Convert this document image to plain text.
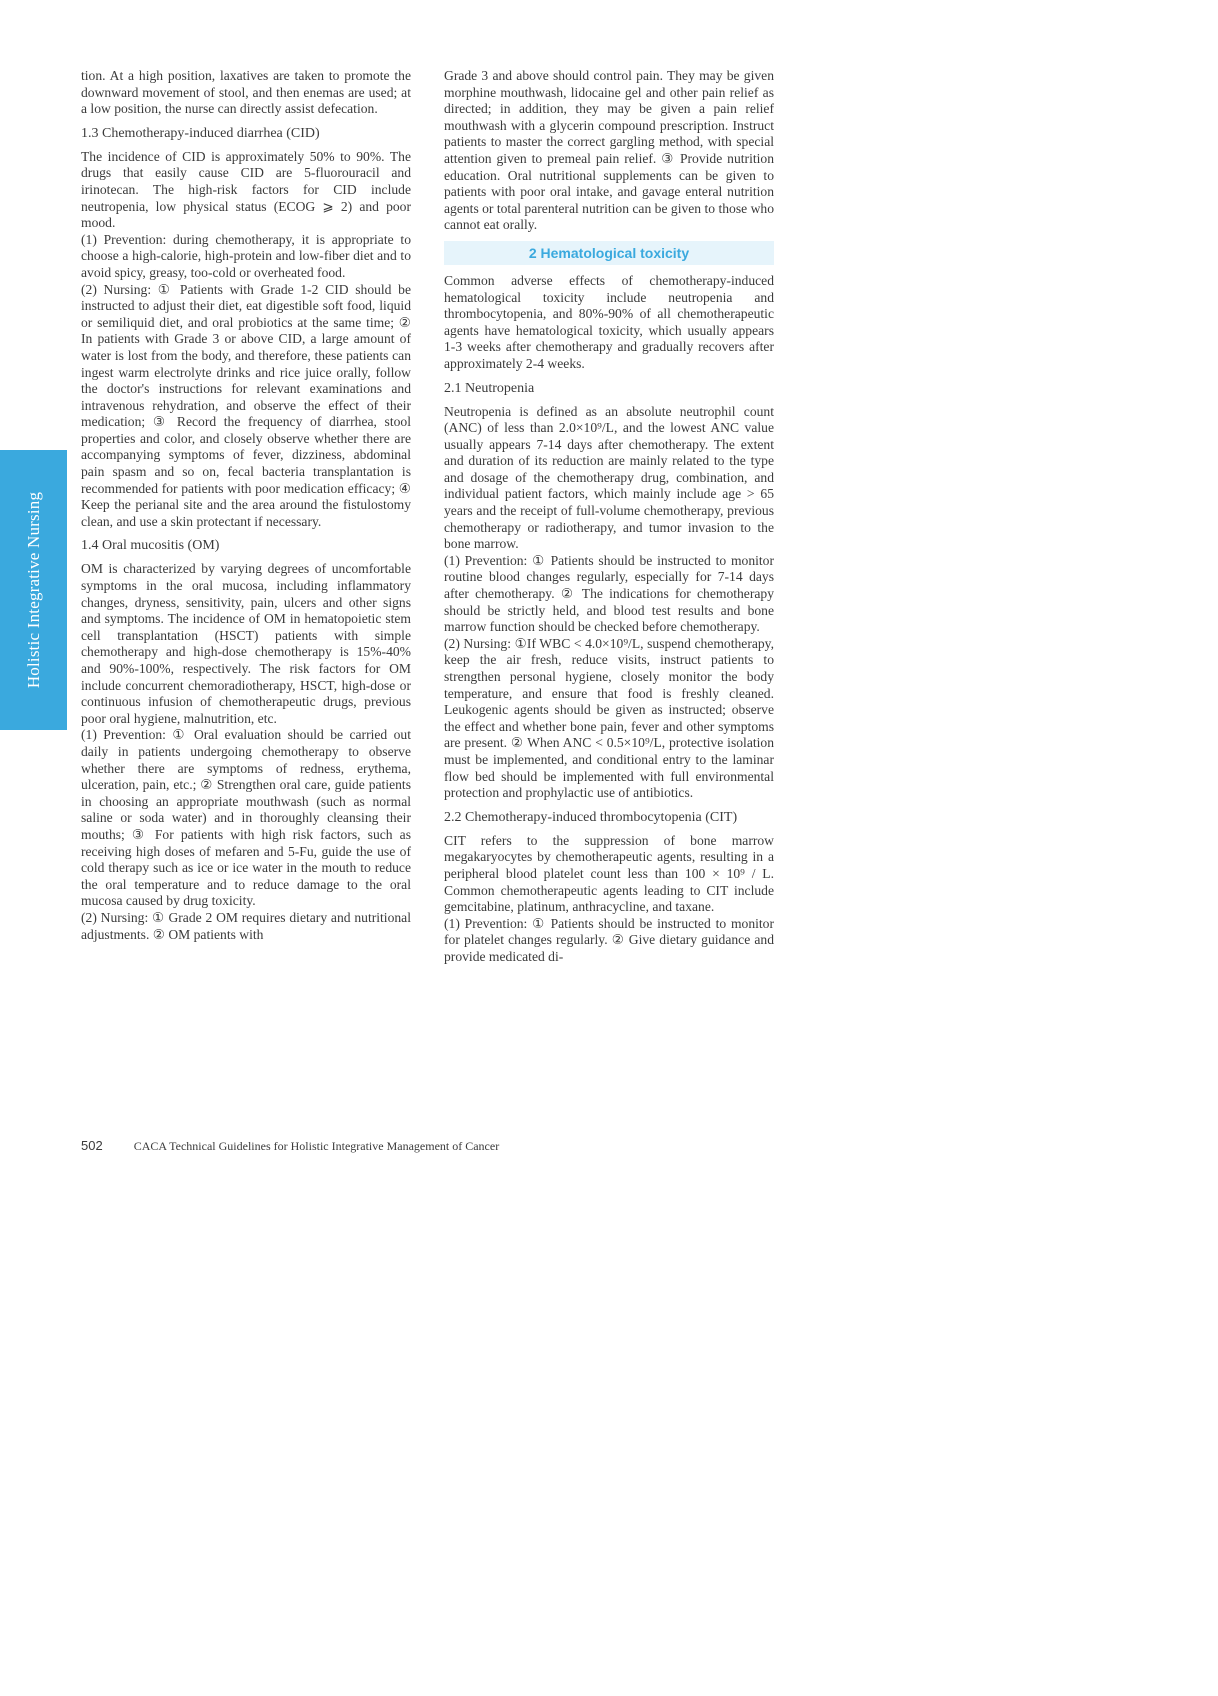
Holistic Integrative Nursing

tion. At a high position, laxatives are taken to promote the downward movement of stool, and then enemas are used; at a low position, the nurse can directly assist defecation.

1.3 Chemotherapy-induced diarrhea (CID)

The incidence of CID is approximately 50% to 90%. The drugs that easily cause CID are 5-fluorouracil and irinotecan. The high-risk factors for CID include neutropenia, low physical status (ECOG ⩾ 2) and poor mood.

(1) Prevention: during chemotherapy, it is appropriate to choose a high-calorie, high-protein and low-fiber diet and to avoid spicy, greasy, too-cold or overheated food.

(2) Nursing: ① Patients with Grade 1-2 CID should be instructed to adjust their diet, eat digestible soft food, liquid or semiliquid diet, and oral probiotics at the same time; ② In patients with Grade 3 or above CID, a large amount of water is lost from the body, and therefore, these patients can ingest warm electrolyte drinks and rice juice orally, follow the doctor's instructions for relevant examinations and intravenous rehydration, and observe the effect of their medication; ③ Record the frequency of diarrhea, stool properties and color, and closely observe whether there are accompanying symptoms of fever, dizziness, abdominal pain spasm and so on, fecal bacteria transplantation is recommended for patients with poor medication efficacy; ④ Keep the perianal site and the area around the fistulostomy clean, and use a skin protectant if necessary.

1.4 Oral mucositis (OM)

OM is characterized by varying degrees of uncomfortable symptoms in the oral mucosa, including inflammatory changes, dryness, sensitivity, pain, ulcers and other signs and symptoms. The incidence of OM in hematopoietic stem cell transplantation (HSCT) patients with simple chemotherapy and high-dose chemotherapy is 15%-40% and 90%-100%, respectively. The risk factors for OM include concurrent chemoradiotherapy, HSCT, high-dose or continuous infusion of chemotherapeutic drugs, previous poor oral hygiene, malnutrition, etc.

(1) Prevention: ① Oral evaluation should be carried out daily in patients undergoing chemotherapy to observe whether there are symptoms of redness, erythema, ulceration, pain, etc.; ② Strengthen oral care, guide patients in choosing an appropriate mouthwash (such as normal saline or soda water) and in thoroughly cleansing their mouths; ③ For patients with high risk factors, such as receiving high doses of mefaren and 5-Fu, guide the use of cold therapy such as ice or ice water in the mouth to reduce the oral temperature and to reduce damage to the oral mucosa caused by drug toxicity.

(2) Nursing: ① Grade 2 OM requires dietary and nutritional adjustments. ② OM patients with

Grade 3 and above should control pain. They may be given morphine mouthwash, lidocaine gel and other pain relief as directed; in addition, they may be given a pain relief mouthwash with a glycerin compound prescription. Instruct patients to master the correct gargling method, with special attention given to premeal pain relief. ③ Provide nutrition education. Oral nutritional supplements can be given to patients with poor oral intake, and gavage enteral nutrition agents or total parenteral nutrition can be given to those who cannot eat orally.

2 Hematological toxicity

Common adverse effects of chemotherapy-induced hematological toxicity include neutropenia and thrombocytopenia, and 80%-90% of all chemotherapeutic agents have hematological toxicity, which usually appears 1-3 weeks after chemotherapy and gradually recovers after approximately 2-4 weeks.

2.1 Neutropenia

Neutropenia is defined as an absolute neutrophil count (ANC) of less than 2.0×10⁹/L, and the lowest ANC value usually appears 7-14 days after chemotherapy. The extent and duration of its reduction are mainly related to the type and dosage of the chemotherapy drug, combination, and individual patient factors, which mainly include age > 65 years and the receipt of full-volume chemotherapy, previous chemotherapy or radiotherapy, and tumor invasion to the bone marrow.

(1) Prevention: ① Patients should be instructed to monitor routine blood changes regularly, especially for 7-14 days after chemotherapy. ② The indications for chemotherapy should be strictly held, and blood test results and bone marrow function should be checked before chemotherapy.

(2) Nursing: ①If WBC < 4.0×10⁹/L, suspend chemotherapy, keep the air fresh, reduce visits, instruct patients to strengthen personal hygiene, closely monitor the body temperature, and ensure that food is freshly cleaned. Leukogenic agents should be given as instructed; observe the effect and whether bone pain, fever and other symptoms are present. ② When ANC < 0.5×10⁹/L, protective isolation must be implemented, and conditional entry to the laminar flow bed should be implemented with full environmental protection and prophylactic use of antibiotics.

2.2 Chemotherapy-induced thrombocytopenia (CIT)

CIT refers to the suppression of bone marrow megakaryocytes by chemotherapeutic agents, resulting in a peripheral blood platelet count less than 100 × 10⁹ / L. Common chemotherapeutic agents leading to CIT include gemcitabine, platinum, anthracycline, and taxane.

(1) Prevention: ① Patients should be instructed to monitor for platelet changes regularly. ② Give dietary guidance and provide medicated di-

502	CACA Technical Guidelines for Holistic Integrative Management of Cancer
